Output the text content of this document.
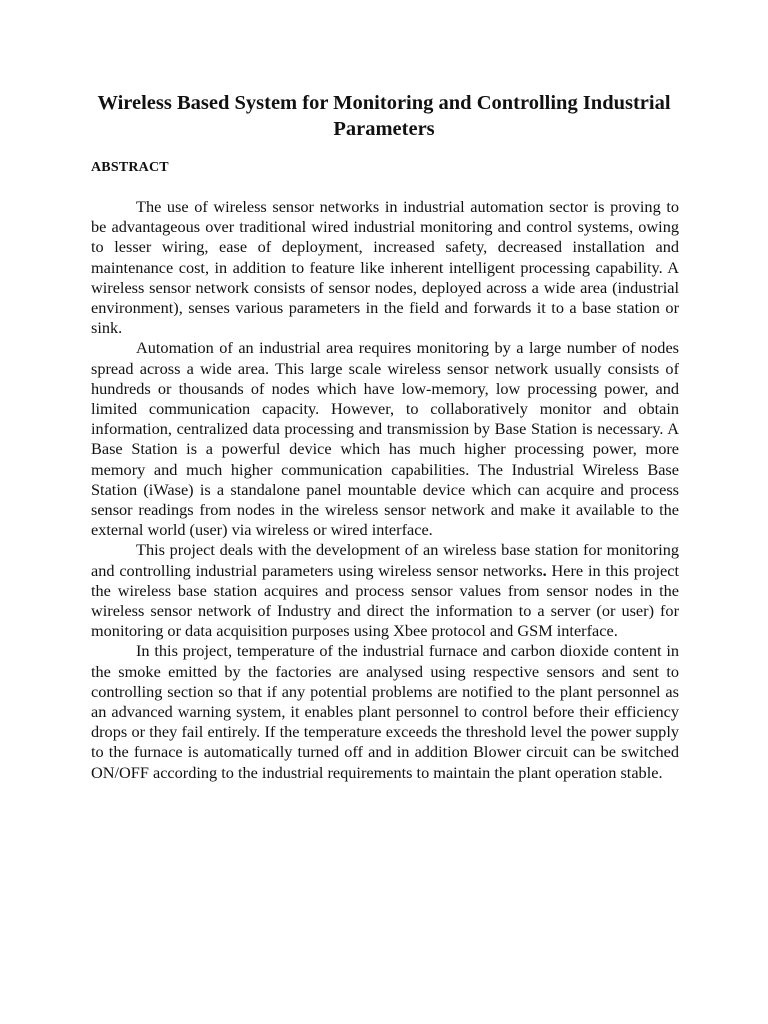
Wireless Based System for Monitoring and Controlling Industrial Parameters
ABSTRACT

The use of wireless sensor networks in industrial automation sector is proving to be advantageous over traditional wired industrial monitoring and control systems, owing to lesser wiring, ease of deployment, increased safety, decreased installation and maintenance cost, in addition to feature like inherent intelligent processing capability. A wireless sensor network consists of sensor nodes, deployed across a wide area (industrial environment), senses various parameters in the field and forwards it to a base station or sink.

Automation of an industrial area requires monitoring by a large number of nodes spread across a wide area. This large scale wireless sensor network usually consists of hundreds or thousands of nodes which have low-memory, low processing power, and limited communication capacity. However, to collaboratively monitor and obtain information, centralized data processing and transmission by Base Station is necessary. A Base Station is a powerful device which has much higher processing power, more memory and much higher communication capabilities. The Industrial Wireless Base Station (iWase) is a standalone panel mountable device which can acquire and process sensor readings from nodes in the wireless sensor network and make it available to the external world (user) via wireless or wired interface.

This project deals with the development of an wireless base station for monitoring and controlling industrial parameters using wireless sensor networks. Here in this project the wireless base station acquires and process sensor values from sensor nodes in the wireless sensor network of Industry and direct the information to a server (or user) for monitoring or data acquisition purposes using Xbee protocol and GSM interface.

In this project, temperature of the industrial furnace and carbon dioxide content in the smoke emitted by the factories are analysed using respective sensors and sent to controlling section so that if any potential problems are notified to the plant personnel as an advanced warning system, it enables plant personnel to control before their efficiency drops or they fail entirely. If the temperature exceeds the threshold level the power supply to the furnace is automatically turned off and in addition Blower circuit can be switched ON/OFF according to the industrial requirements to maintain the plant operation stable.
